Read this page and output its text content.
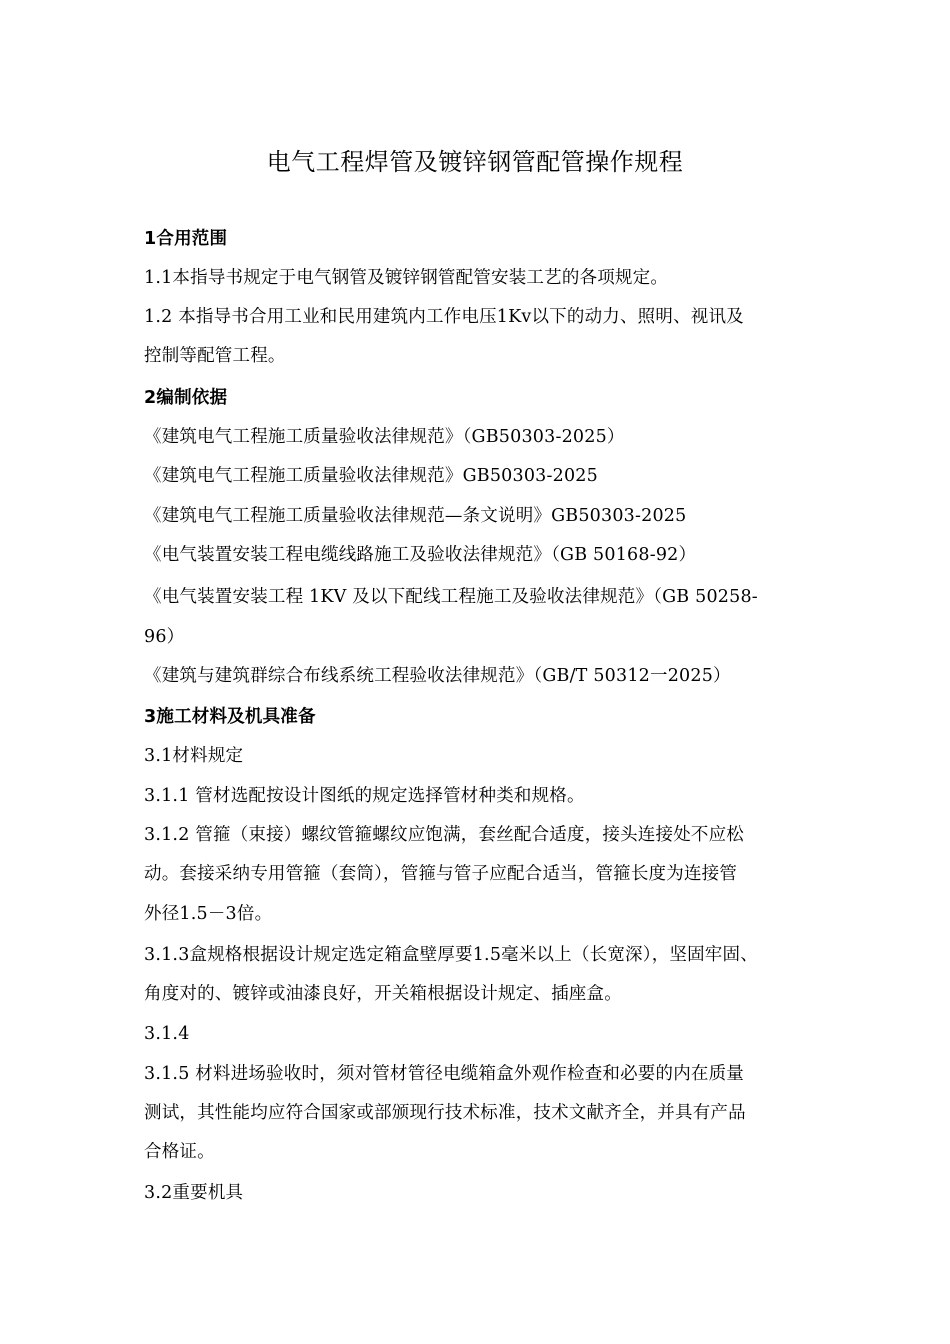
电气工程焊管及镀锌钢管配管操作规程
1合用范围
1.1本指导书规定于电气钢管及镀锌钢管配管安装工艺的各项规定。
1.2 本指导书合用工业和民用建筑内工作电压1Kv以下的动力、照明、视讯及
控制等配管工程。
2编制依据
《建筑电气工程施工质量验收法律规范》（GB50303-2025）
《建筑电气工程施工质量验收法律规范》GB50303-2025
《建筑电气工程施工质量验收法律规范—条文说明》GB50303-2025
《电气装置安装工程电缆线路施工及验收法律规范》（GB 50168-92）
《电气装置安装工程 1KV 及以下配线工程施工及验收法律规范》（GB 50258-
96）
《建筑与建筑群综合布线系统工程验收法律规范》（GB/T 50312一2025）
3施工材料及机具准备
3.1材料规定
3.1.1 管材选配按设计图纸的规定选择管材种类和规格。
3.1.2 管箍（束接）螺纹管箍螺纹应饱满，套丝配合适度，接头连接处不应松
动。套接采纳专用管箍（套筒），管箍与管子应配合适当，管箍长度为连接管
外径1.5－3倍。
3.1.3盒规格根据设计规定选定箱盒壁厚要1.5毫米以上（长宽深），坚固牢固、
角度对的、镀锌或油漆良好，开关箱根据设计规定、插座盒。
3.1.4
3.1.5 材料进场验收时，须对管材管径电缆箱盒外观作检查和必要的内在质量
测试，其性能均应符合国家或部颁现行技术标准，技术文献齐全，并具有产品
合格证。
3.2重要机具
